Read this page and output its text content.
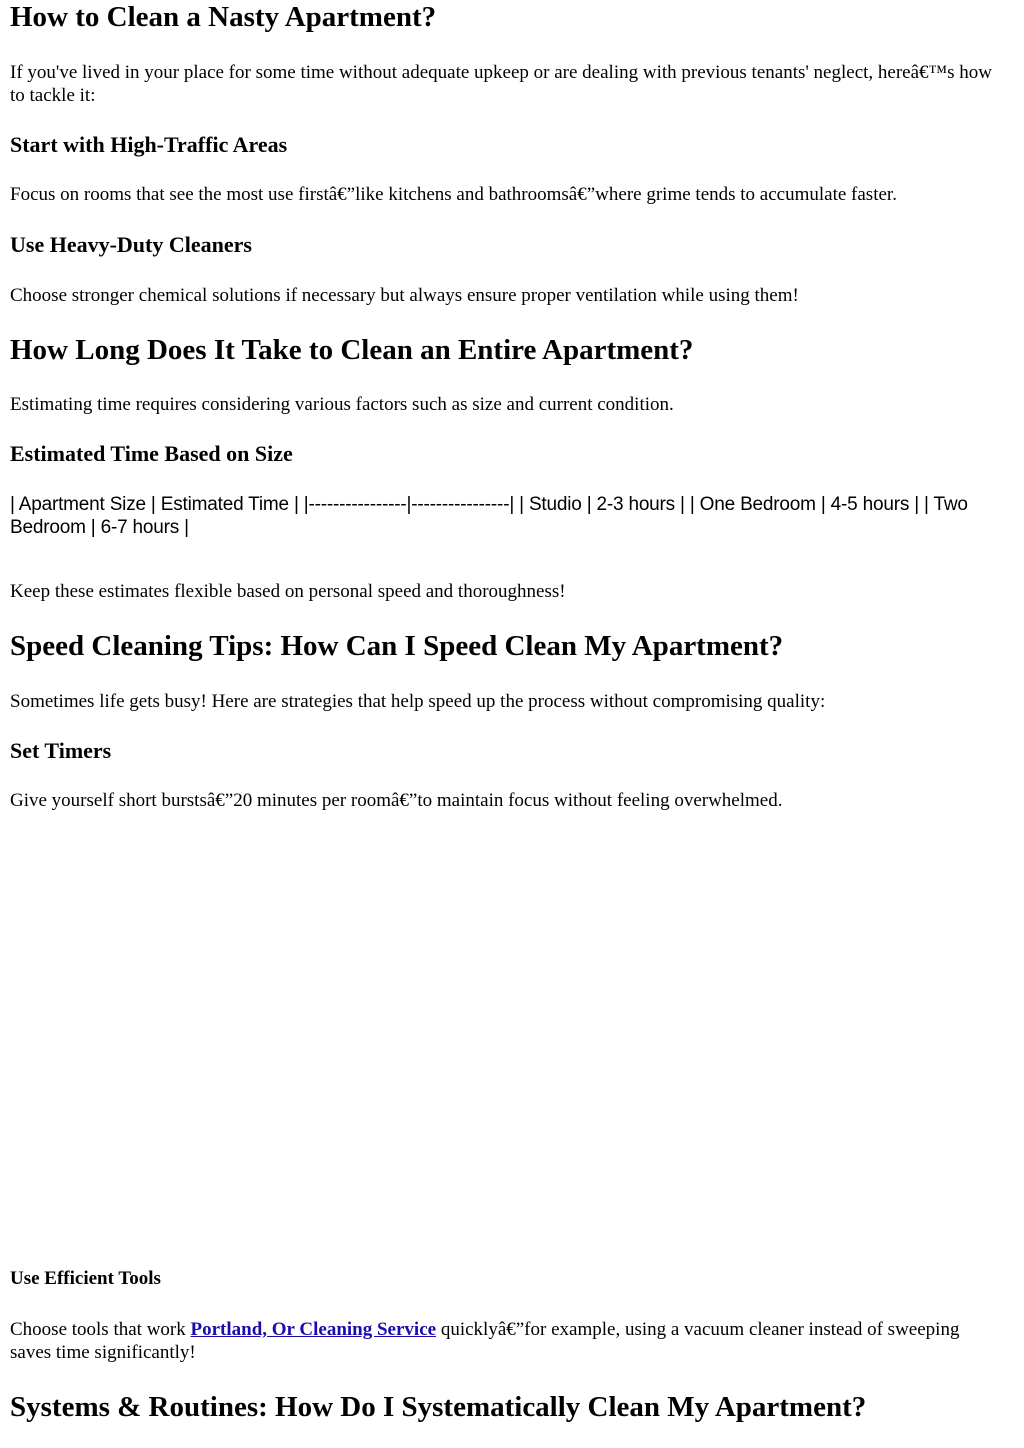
How to Clean a Nasty Apartment?

If you've lived in your place for some time without adequate upkeep or are dealing with previous tenants' neglect, hereâ€™s how to tackle it:

Start with High-Traffic Areas

Focus on rooms that see the most use firstâ€”like kitchens and bathroomsâ€”where grime tends to accumulate faster.

Use Heavy-Duty Cleaners

Choose stronger chemical solutions if necessary but always ensure proper ventilation while using them!

How Long Does It Take to Clean an Entire Apartment?

Estimating time requires considering various factors such as size and current condition.

Estimated Time Based on Size

| Apartment Size | Estimated Time | |----------------|----------------| | Studio | 2-3 hours | | One Bedroom | 4-5 hours | | Two Bedroom | 6-7 hours |

Keep these estimates flexible based on personal speed and thoroughness!

Speed Cleaning Tips: How Can I Speed Clean My Apartment?

Sometimes life gets busy! Here are strategies that help speed up the process without compromising quality:

Set Timers

Give yourself short burstsâ€”20 minutes per roomâ€”to maintain focus without feeling overwhelmed.

Use Efficient Tools

Choose tools that work Portland, Or Cleaning Service quicklyâ€”for example, using a vacuum cleaner instead of sweeping saves time significantly!

Systems & Routines: How Do I Systematically Clean My Apartment?
